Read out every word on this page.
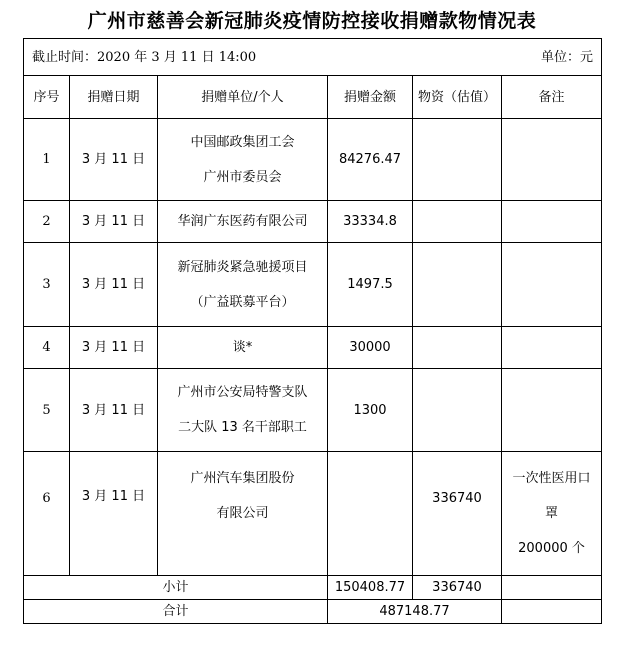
广州市慈善会新冠肺炎疫情防控接收捐赠款物情况表
截止时间：2020 年 3 月 11 日 14:00 单位：元					

序号	捐赠日期	捐赠单位/个人	捐赠金额	物资（估值）	备注
1	3 月 11 日	中国邮政集团工会
广州市委员会	84276.47		
2	3 月 11 日	华润广东医药有限公司	33334.8		
3	3 月 11 日	新冠肺炎紧急驰援项目
（广益联募平台）	1497.5		
4	3 月 11 日	谈*	30000		
5	3 月 11 日	广州市公安局特警支队
二大队 13 名干部职工	1300		
6	3 月 11 日	广州汽车集团股份
有限公司		336740	一次性医用口
罩
200000 个

小计			150408.77	336740	
合计			487148.77		
